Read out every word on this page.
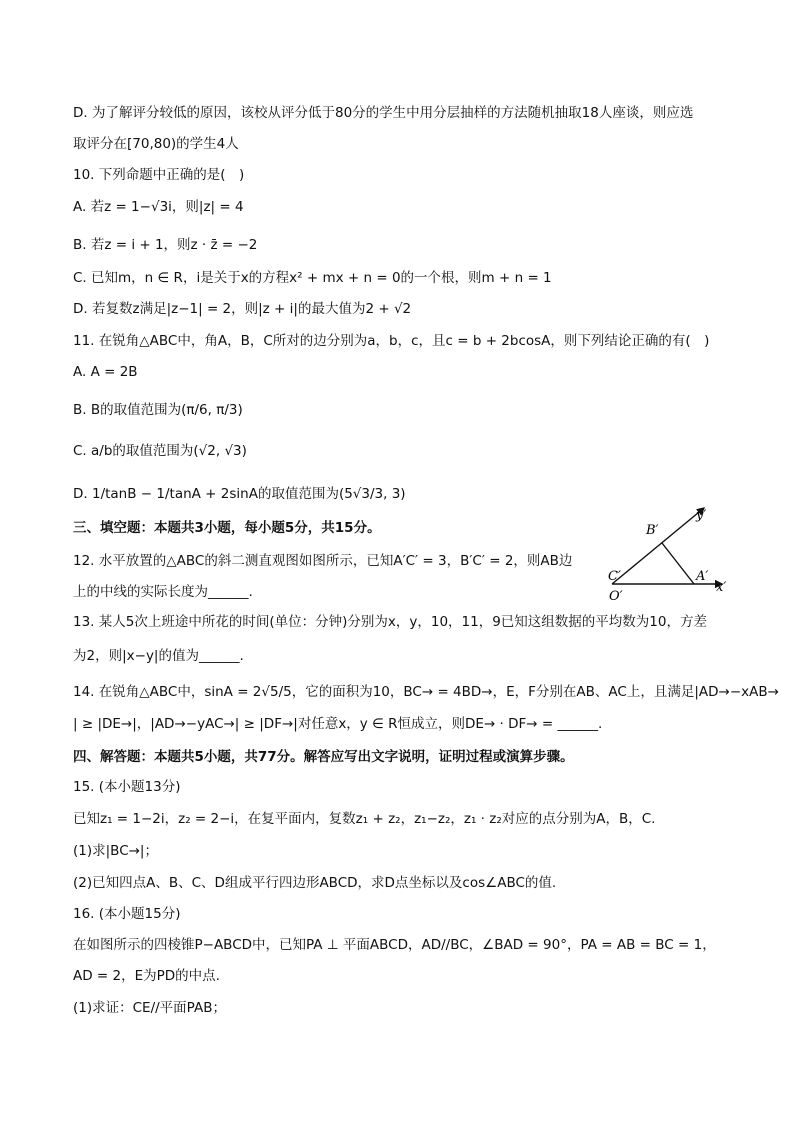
D. 为了解评分较低的原因，该校从评分低于80分的学生中用分层抽样的方法随机抽取18人座谈，则应选
取评分在[70,80)的学生4人
10. 下列命题中正确的是(　)
A. 若z = 1−√3i，则|z| = 4
B. 若z = i + 1，则z · z̄ = −2
C. 已知m，n ∈ R，i是关于x的方程x² + mx + n = 0的一个根，则m + n = 1
D. 若复数z满足|z−1| = 2，则|z + i|的最大值为2 + √2
11. 在锐角△ABC中，角A，B，C所对的边分别为a，b，c，且c = b + 2bcosA，则下列结论正确的有(　)
A. A = 2B
B. B的取值范围为(π/6, π/3)
C. a/b的取值范围为(√2, √3)
D. 1/tanB − 1/tanA + 2sinA的取值范围为(5√3/3, 3)
三、填空题：本题共3小题，每小题5分，共15分。
12. 水平放置的△ABC的斜二测直观图如图所示，已知A′C′ = 3，B′C′ = 2，则AB边
上的中线的实际长度为______.
13. 某人5次上班途中所花的时间(单位：分钟)分别为x，y，10，11，9已知这组数据的平均数为10，方差
为2，则|x−y|的值为______.
14. 在锐角△ABC中，sinA = 2√5/5，它的面积为10，BC→ = 4BD→，E，F分别在AB、AC上，且满足|AD→−xAB→
| ≥ |DE→|，|AD→−yAC→| ≥ |DF→|对任意x，y ∈ R恒成立，则DE→ · DF→ = ______.
四、解答题：本题共5小题，共77分。解答应写出文字说明，证明过程或演算步骤。
15. (本小题13分)
已知z₁ = 1−2i，z₂ = 2−i，在复平面内，复数z₁ + z₂，z₁−z₂，z₁ · z₂对应的点分别为A，B，C.
(1)求|BC→|；
(2)已知四点A、B、C、D组成平行四边形ABCD，求D点坐标以及cos∠ABC的值.
16. (本小题15分)
在如图所示的四棱锥P−ABCD中，已知PA ⊥ 平面ABCD，AD//BC，∠BAD = 90°，PA = AB = BC = 1，
AD = 2，E为PD的中点.
(1)求证：CE//平面PAB；
y′
x′
B′
A′
C′
O′
